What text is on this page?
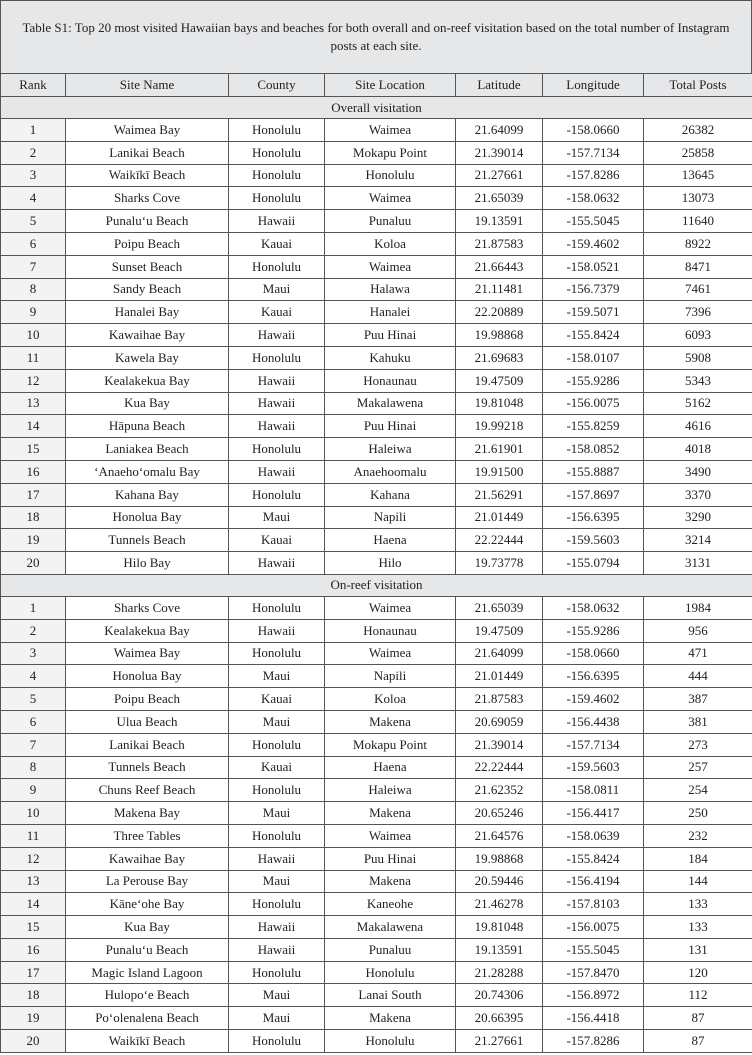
Table S1: Top 20 most visited Hawaiian bays and beaches for both overall and on-reef visitation based on the total number of Instagram posts at each site.
Rank	Site Name	County	Site Location	Latitude	Longitude	Total Posts
Overall visitation						
1	Waimea Bay	Honolulu	Waimea	21.64099	-158.0660	26382
2	Lanikai Beach	Honolulu	Mokapu Point	21.39014	-157.7134	25858
3	Waikīkī Beach	Honolulu	Honolulu	21.27661	-157.8286	13645
4	Sharks Cove	Honolulu	Waimea	21.65039	-158.0632	13073
5	Punalu‘u Beach	Hawaii	Punaluu	19.13591	-155.5045	11640
6	Poipu Beach	Kauai	Koloa	21.87583	-159.4602	8922
7	Sunset Beach	Honolulu	Waimea	21.66443	-158.0521	8471
8	Sandy Beach	Maui	Halawa	21.11481	-156.7379	7461
9	Hanalei Bay	Kauai	Hanalei	22.20889	-159.5071	7396
10	Kawaihae Bay	Hawaii	Puu Hinai	19.98868	-155.8424	6093
11	Kawela Bay	Honolulu	Kahuku	21.69683	-158.0107	5908
12	Kealakekua Bay	Hawaii	Honaunau	19.47509	-155.9286	5343
13	Kua Bay	Hawaii	Makalawena	19.81048	-156.0075	5162
14	Hāpuna Beach	Hawaii	Puu Hinai	19.99218	-155.8259	4616
15	Laniakea Beach	Honolulu	Haleiwa	21.61901	-158.0852	4018
16	‘Anaeho‘omalu Bay	Hawaii	Anaehoomalu	19.91500	-155.8887	3490
17	Kahana Bay	Honolulu	Kahana	21.56291	-157.8697	3370
18	Honolua Bay	Maui	Napili	21.01449	-156.6395	3290
19	Tunnels Beach	Kauai	Haena	22.22444	-159.5603	3214
20	Hilo Bay	Hawaii	Hilo	19.73778	-155.0794	3131
On-reef visitation						
1	Sharks Cove	Honolulu	Waimea	21.65039	-158.0632	1984
2	Kealakekua Bay	Hawaii	Honaunau	19.47509	-155.9286	956
3	Waimea Bay	Honolulu	Waimea	21.64099	-158.0660	471
4	Honolua Bay	Maui	Napili	21.01449	-156.6395	444
5	Poipu Beach	Kauai	Koloa	21.87583	-159.4602	387
6	Ulua Beach	Maui	Makena	20.69059	-156.4438	381
7	Lanikai Beach	Honolulu	Mokapu Point	21.39014	-157.7134	273
8	Tunnels Beach	Kauai	Haena	22.22444	-159.5603	257
9	Chuns Reef Beach	Honolulu	Haleiwa	21.62352	-158.0811	254
10	Makena Bay	Maui	Makena	20.65246	-156.4417	250
11	Three Tables	Honolulu	Waimea	21.64576	-158.0639	232
12	Kawaihae Bay	Hawaii	Puu Hinai	19.98868	-155.8424	184
13	La Perouse Bay	Maui	Makena	20.59446	-156.4194	144
14	Kāne‘ohe Bay	Honolulu	Kaneohe	21.46278	-157.8103	133
15	Kua Bay	Hawaii	Makalawena	19.81048	-156.0075	133
16	Punalu‘u Beach	Hawaii	Punaluu	19.13591	-155.5045	131
17	Magic Island Lagoon	Honolulu	Honolulu	21.28288	-157.8470	120
18	Hulopo‘e Beach	Maui	Lanai South	20.74306	-156.8972	112
19	Po‘olenalena Beach	Maui	Makena	20.66395	-156.4418	87
20	Waikīkī Beach	Honolulu	Honolulu	21.27661	-157.8286	87
